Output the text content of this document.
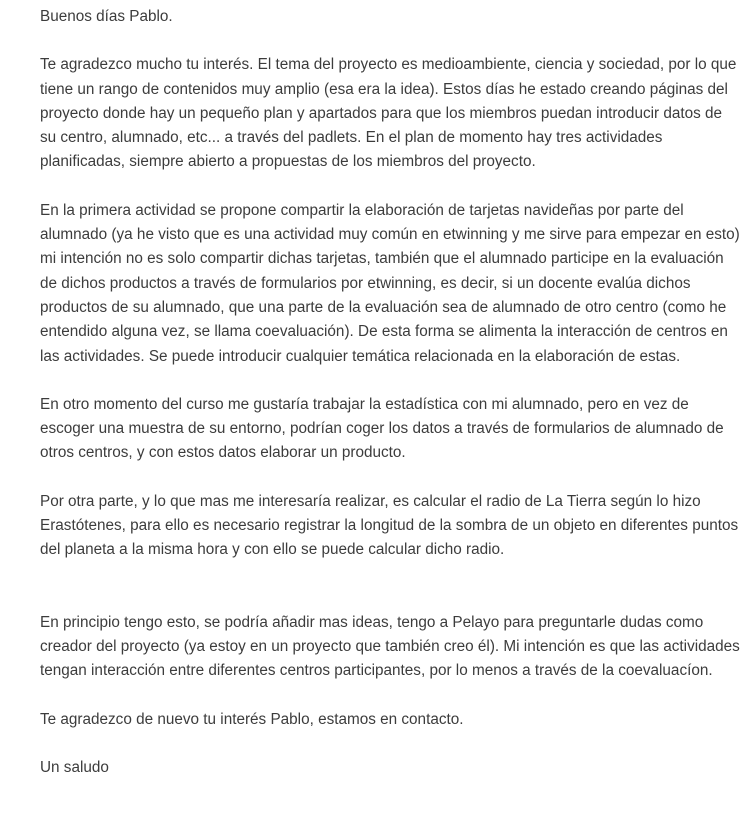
Buenos días Pablo.

Te agradezco mucho tu interés. El tema del proyecto es medioambiente, ciencia y sociedad, por lo que tiene un rango de contenidos muy amplio (esa era la idea). Estos días he estado creando páginas del proyecto donde hay un pequeño plan y apartados para que los miembros puedan introducir datos de su centro, alumnado, etc... a través del padlets. En el plan de momento hay tres actividades planificadas, siempre abierto a propuestas de los miembros del proyecto.

En la primera actividad se propone compartir la elaboración de tarjetas navideñas por parte del alumnado (ya he visto que es una actividad muy común en etwinning y me sirve para empezar en esto) mi intención no es solo compartir dichas tarjetas, también que el alumnado participe en la evaluación de dichos productos a través de formularios por etwinning, es decir, si un docente evalúa dichos productos de su alumnado, que una parte de la evaluación sea de alumnado de otro centro (como he entendido alguna vez, se llama coevaluación). De esta forma se alimenta la interacción de centros en las actividades. Se puede introducir cualquier temática relacionada en la elaboración de estas.

En otro momento del curso me gustaría trabajar la estadística con mi alumnado, pero en vez de escoger una muestra de su entorno, podrían coger los datos a través de formularios de alumnado de otros centros, y con estos datos elaborar un producto.

Por otra parte, y lo que mas me interesaría realizar, es calcular el radio de La Tierra según lo hizo Erastótenes, para ello es necesario registrar la longitud de la sombra de un objeto en diferentes puntos del planeta a la misma hora y con ello se puede calcular dicho radio.

En principio tengo esto, se podría añadir mas ideas, tengo a Pelayo para preguntarle dudas como creador del proyecto (ya estoy en un proyecto que también creo él). Mi intención es que las actividades tengan interacción entre diferentes centros participantes, por lo menos a través de la coevaluacíon.

Te agradezco de nuevo tu interés Pablo, estamos en contacto.

Un saludo
